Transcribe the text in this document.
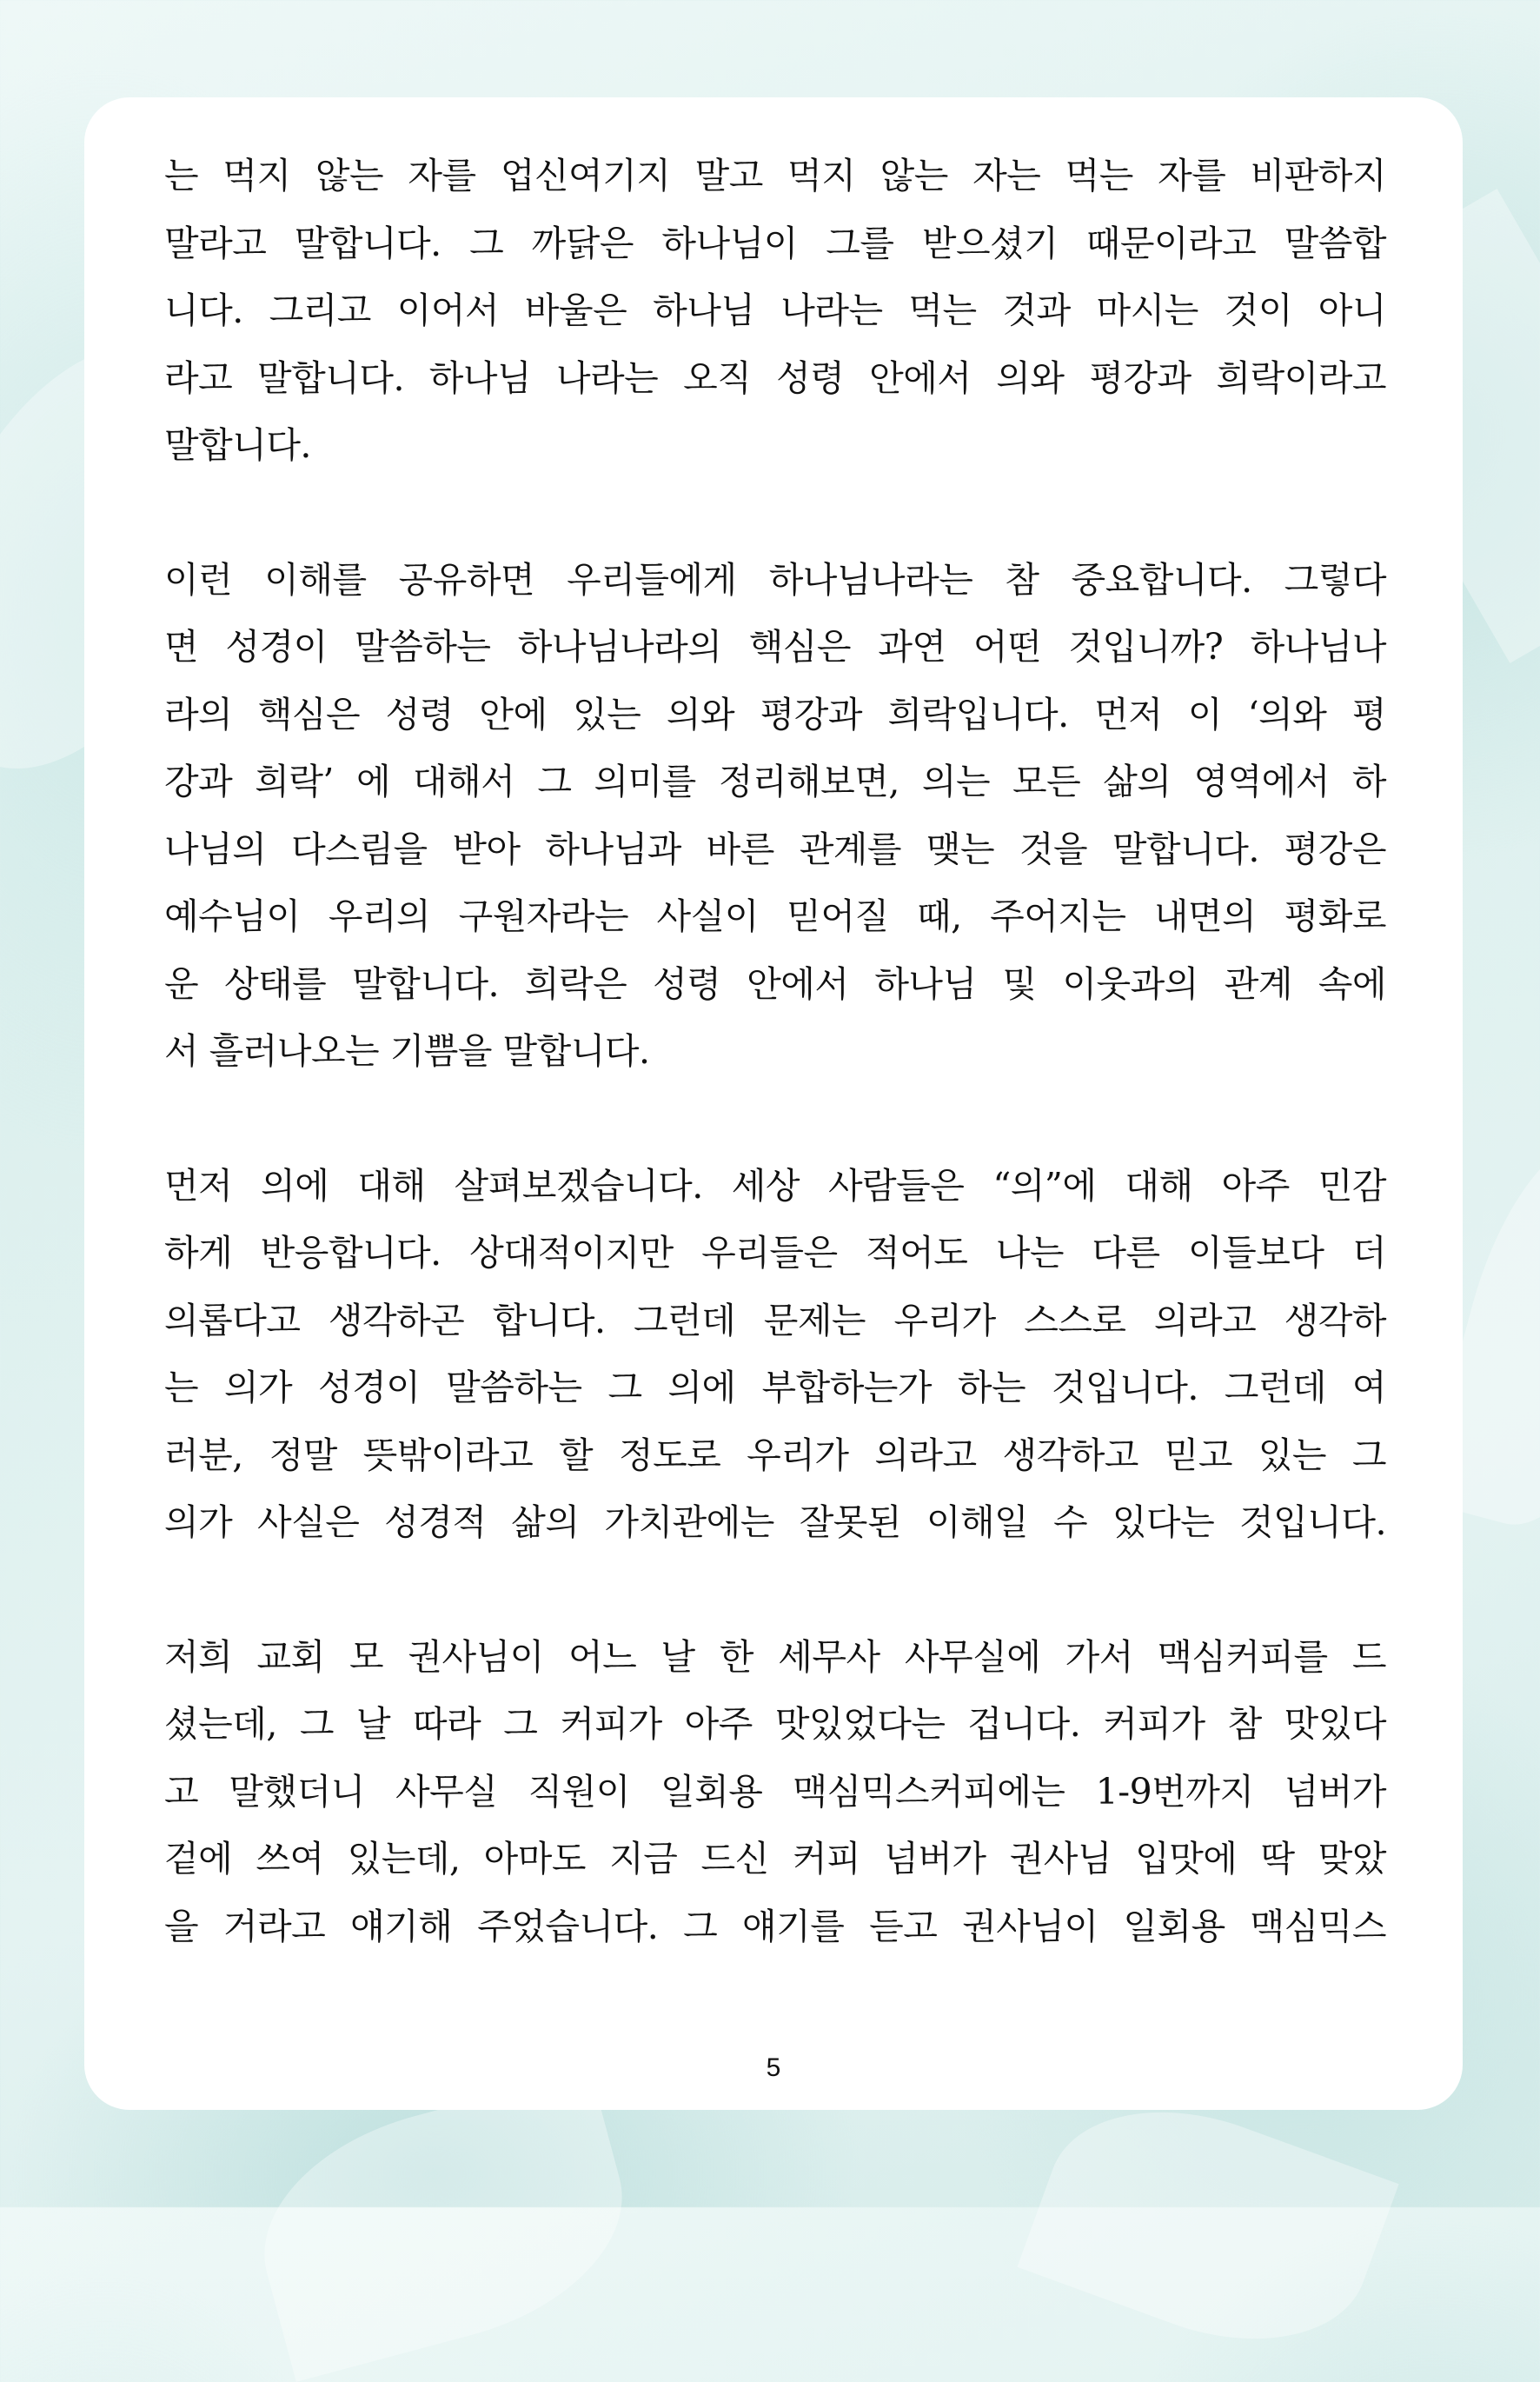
는 먹지 않는 자를 업신여기지 말고 먹지 않는 자는 먹는 자를 비판하지
말라고 말합니다. 그 까닭은 하나님이 그를 받으셨기 때문이라고 말씀합
니다. 그리고 이어서 바울은 하나님 나라는 먹는 것과 마시는 것이 아니
라고 말합니다. 하나님 나라는 오직 성령 안에서 의와 평강과 희락이라고
말합니다.

이런 이해를 공유하면 우리들에게 하나님나라는 참 중요합니다. 그렇다
면 성경이 말씀하는 하나님나라의 핵심은 과연 어떤 것입니까? 하나님나
라의 핵심은 성령 안에 있는 의와 평강과 희락입니다. 먼저 이 ‘의와 평
강과 희락’ 에 대해서 그 의미를 정리해보면, 의는 모든 삶의 영역에서 하
나님의 다스림을 받아 하나님과 바른 관계를 맺는 것을 말합니다. 평강은
예수님이 우리의 구원자라는 사실이 믿어질 때, 주어지는 내면의 평화로
운 상태를 말합니다. 희락은 성령 안에서 하나님 및 이웃과의 관계 속에
서 흘러나오는 기쁨을 말합니다.

먼저 의에 대해 살펴보겠습니다. 세상 사람들은 “의”에 대해 아주 민감
하게 반응합니다. 상대적이지만 우리들은 적어도 나는 다른 이들보다 더
의롭다고 생각하곤 합니다. 그런데 문제는 우리가 스스로 의라고 생각하
는 의가 성경이 말씀하는 그 의에 부합하는가 하는 것입니다. 그런데 여
러분, 정말 뜻밖이라고 할 정도로 우리가 의라고 생각하고 믿고 있는 그
의가 사실은 성경적 삶의 가치관에는 잘못된 이해일 수 있다는 것입니다.

저희 교회 모 권사님이 어느 날 한 세무사 사무실에 가서 맥심커피를 드
셨는데, 그 날 따라 그 커피가 아주 맛있었다는 겁니다. 커피가 참 맛있다
고 말했더니 사무실 직원이 일회용 맥심믹스커피에는 1-9번까지 넘버가
겉에 쓰여 있는데, 아마도 지금 드신 커피 넘버가 권사님 입맛에 딱 맞았
을 거라고 얘기해 주었습니다. 그 얘기를 듣고 권사님이 일회용 맥심믹스

5
